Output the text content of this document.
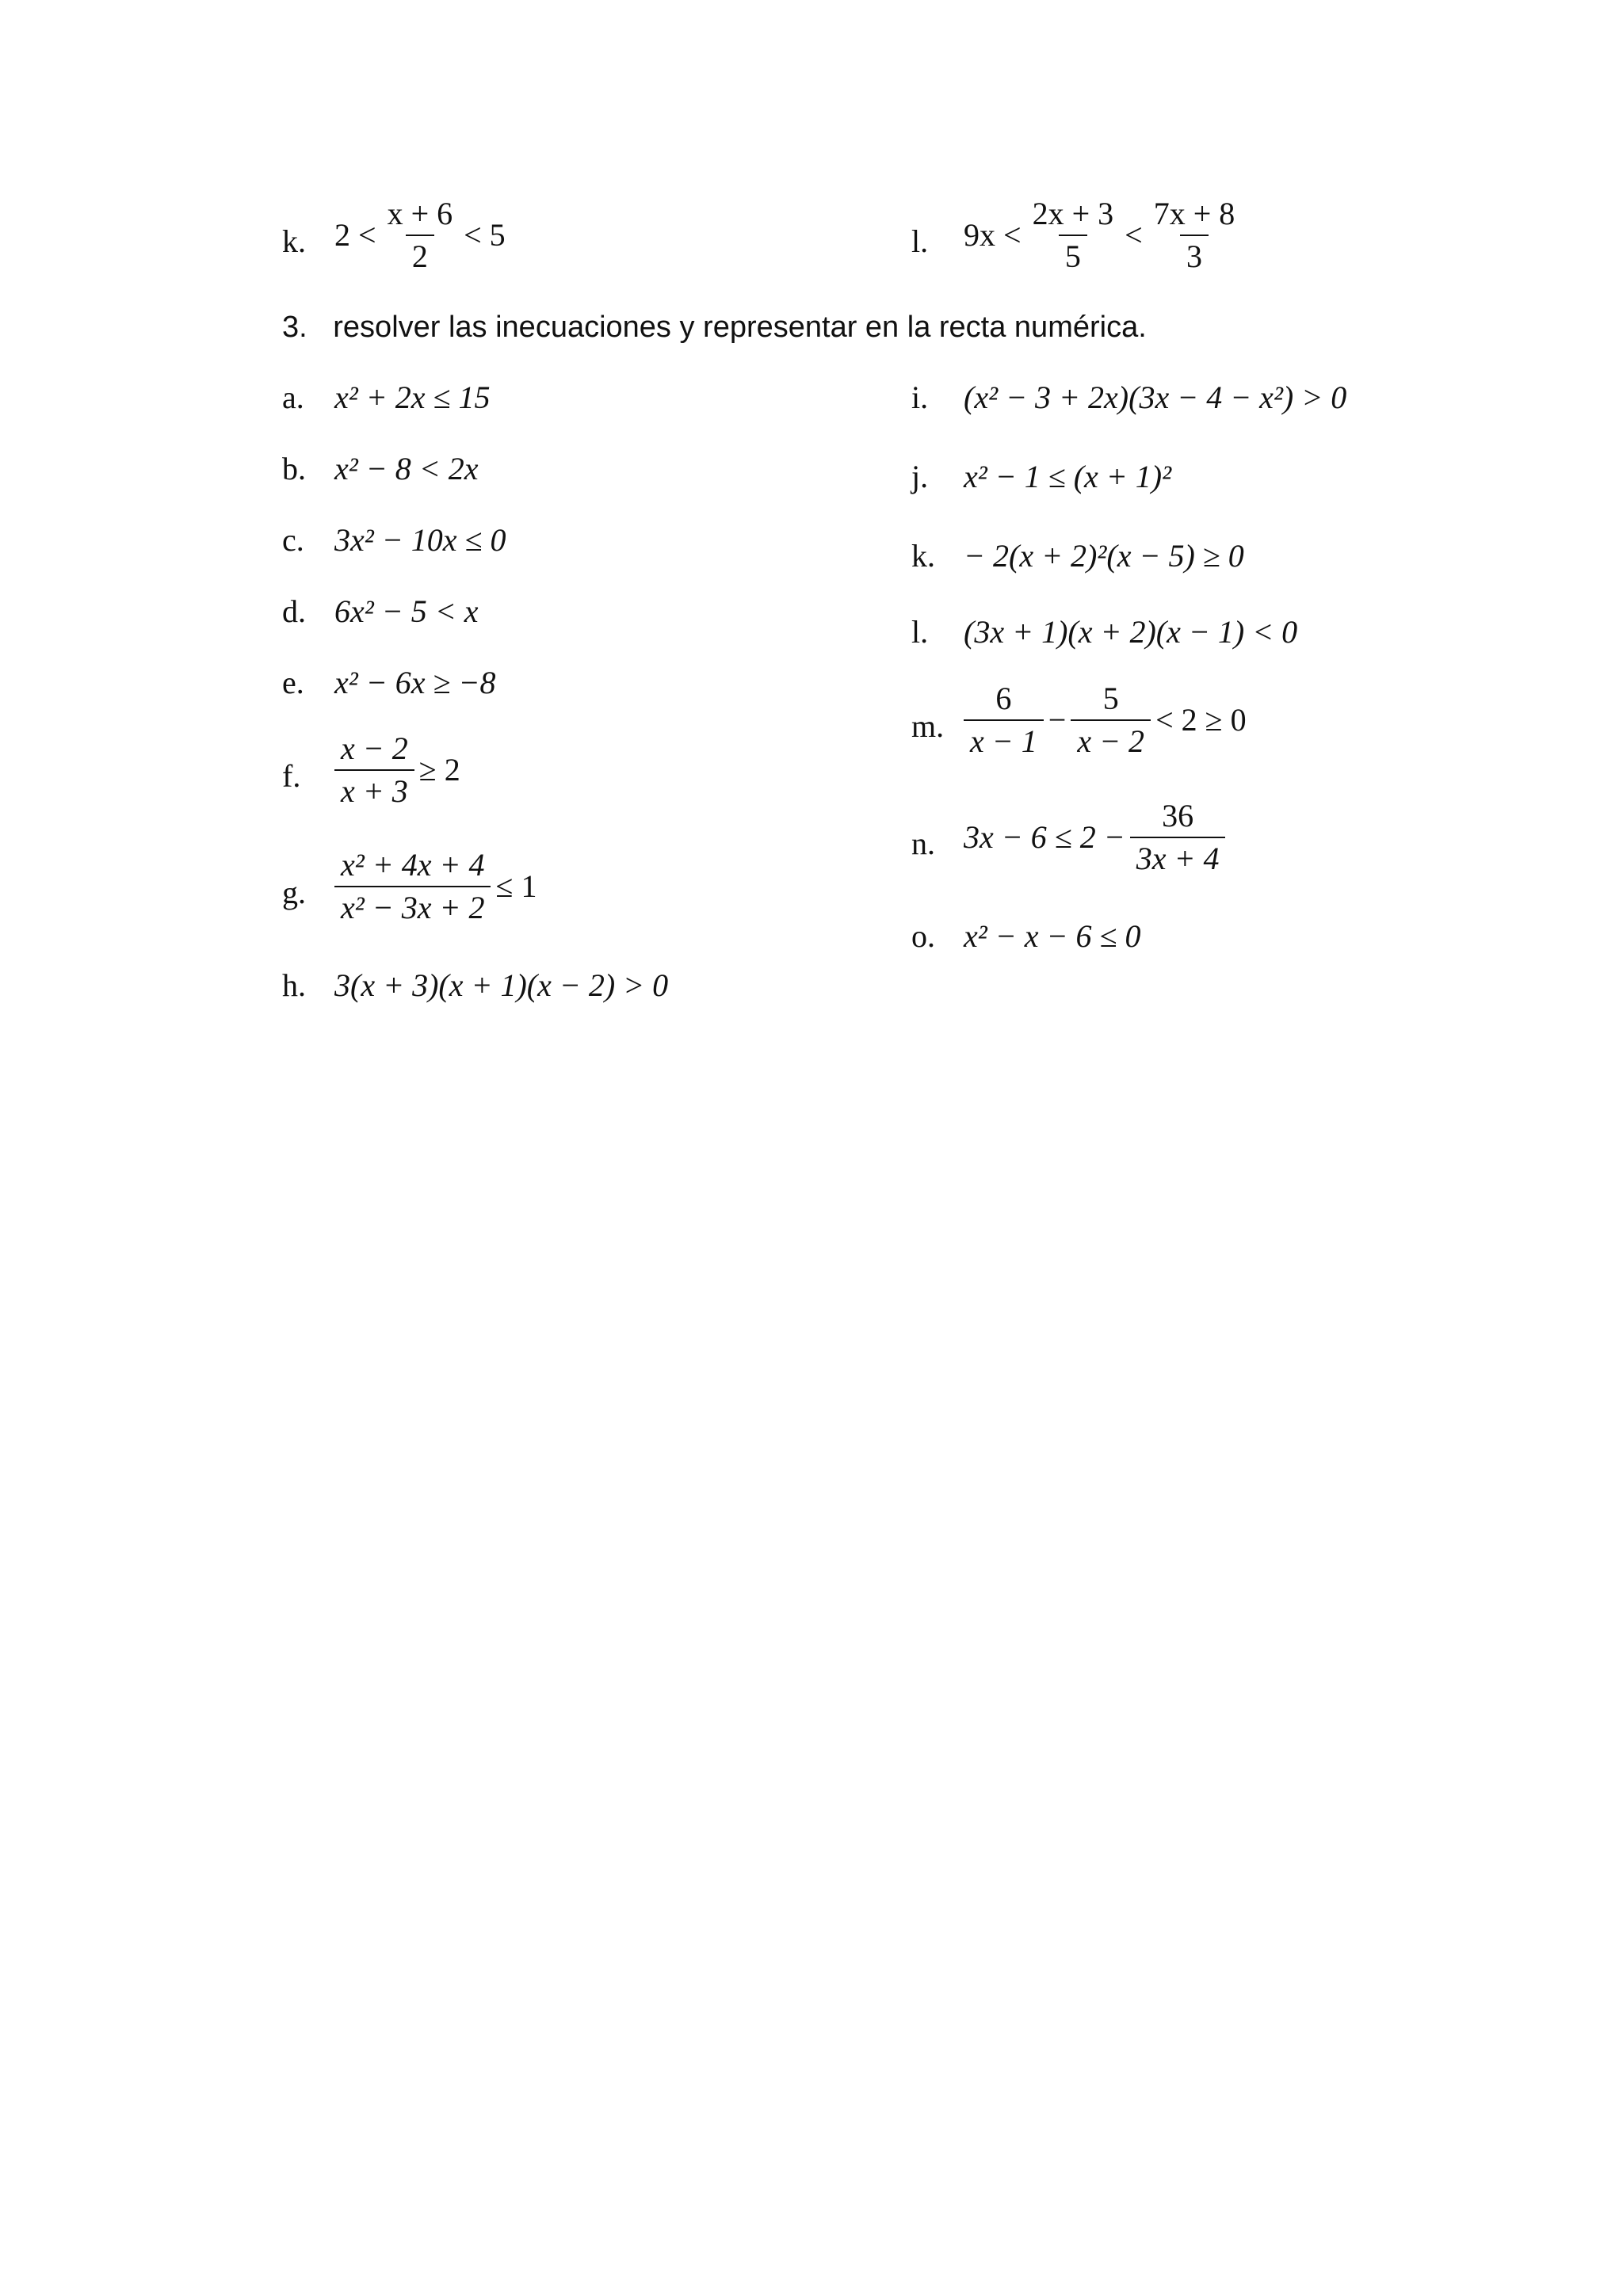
k. $2 < \frac{x + 6}{2} < 5$	l. $9x < \frac{2x + 3}{5} < \frac{7x + 8}{3}$
3. resolver las inecuaciones y representar en la recta numérica.
a. x² + 2x ≤ 15
b. x² − 8 < 2x
c. 3x² − 10x ≤ 0
d. 6x² − 5 < x
e. x² − 6x ≥ −8
f. $\frac{x - 2}{x + 3} \ge 2$
g. $\frac{\text{x² + 4x + 4}}{\text{x² − 3x + 2}} \le 1$
h. 3(x + 3)(x + 1)(x − 2) > 0
i. (x² − 3 + 2x)(3x − 4 − x²) > 0
j. x² − 1 ≤ (x + 1)²
k. − 2(x + 2)²(x − 5) ≥ 0
l. (3x + 1)(x + 2)(x − 1) < 0
m. $\frac{6}{x - 1} - \frac{5}{x - 2} < 2 \ge 0$
n. $3x - 6 \le 2 - \frac{36}{3x + 4}$
o. x² − x − 6 ≤ 0
